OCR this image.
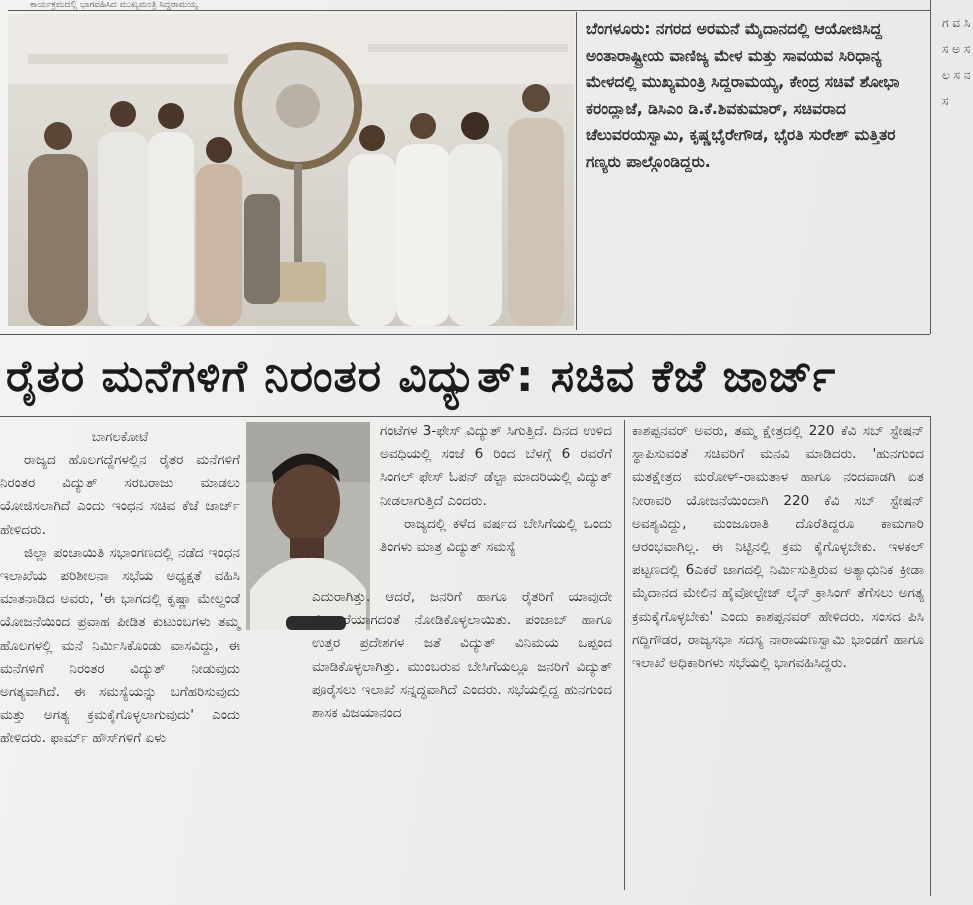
ಕಾರ್ಯಕ್ರಮದಲ್ಲಿ ಭಾಗವಹಿಸಿದ ಮುಖ್ಯಮಂತ್ರಿ ಸಿದ್ದರಾಮಯ್ಯ
ಬೆಂಗಳೂರು: ನಗರದ ಅರಮನೆ ಮೈದಾನದಲ್ಲಿ ಆಯೋಜಿಸಿದ್ದ ಅಂತಾರಾಷ್ಟ್ರೀಯ ವಾಣಿಜ್ಯ ಮೇಳ ಮತ್ತು ಸಾವಯವ ಸಿರಿಧಾನ್ಯ ಮೇಳದಲ್ಲಿ ಮುಖ್ಯಮಂತ್ರಿ ಸಿದ್ದರಾಮಯ್ಯ, ಕೇಂದ್ರ ಸಚಿವೆ ಶೋಭಾ ಕರಂದ್ಲಾಜೆ, ಡಿಸಿಎಂ ಡಿ.ಕೆ.ಶಿವಕುಮಾರ್, ಸಚಿವರಾದ ಚೆಲುವರಯಸ್ವಾಮಿ, ಕೃಷ್ಣಭೈರೇಗೌಡ, ಭೈರತಿ ಸುರೇಶ್ ಮತ್ತಿತರ ಗಣ್ಯರು ಪಾಲ್ಗೊಂಡಿದ್ದರು.
ಗ ವ ಸಿ ಸ ಅ ಸ ಲ ಸ ನ ಸ
ರೈತರ ಮನೆಗಳಿಗೆ ನಿರಂತರ ವಿದ್ಯುತ್: ಸಚಿವ ಕೆಜೆ ಜಾರ್ಜ್
ಬಾಗಲಕೋಟೆ

ರಾಜ್ಯದ ಹೊಲಗದ್ದೆಗಳಲ್ಲಿನ ರೈತರ ಮನೆಗಳಿಗೆ ನಿರಂತರ ವಿದ್ಯುತ್ ಸರಬರಾಜು ಮಾಡಲು ಯೋಜಿಸಲಾಗಿದೆ ಎಂದು ಇಂಧನ ಸಚಿವ ಕೆಜೆ ಜಾರ್ಜ್ ಹೇಳಿದರು.

ಜಿಲ್ಲಾ ಪಂಚಾಯಿತಿ ಸಭಾಂಗಣದಲ್ಲಿ ನಡೆದ ಇಂಧನ ಇಲಾಖೆಯ ಪರಿಶೀಲನಾ ಸಭೆಯ ಅಧ್ಯಕ್ಷತೆ ವಹಿಸಿ ಮಾತನಾಡಿದ ಅವರು, 'ಈ ಭಾಗದಲ್ಲಿ ಕೃಷ್ಣಾ ಮೇಲ್ದಂಡೆ ಯೋಜನೆಯಿಂದ ಪ್ರವಾಹ ಪೀಡಿತ ಕುಟುಂಬಗಳು ತಮ್ಮ ಹೊಲಗಳಲ್ಲಿ ಮನೆ ನಿರ್ಮಿಸಿಕೊಂಡು ವಾಸವಿದ್ದು, ಈ ಮನೆಗಳಿಗೆ ನಿರಂತರ ವಿದ್ಯುತ್ ನೀಡುವುದು ಅಗತ್ಯವಾಗಿದೆ. ಈ ಸಮಸ್ಯೆಯನ್ನು ಬಗೆಹರಿಸುವುದು ಮತ್ತು ಅಗತ್ಯ ಕ್ರಮಕೈಗೊಳ್ಳಲಾಗುವುದು' ಎಂದು ಹೇಳಿದರು. ಫಾರ್ಮ್ ಹೌಸ್‌ಗಳಿಗೆ ಏಳು

ಗಂಟೆಗಳ 3-ಫೇಸ್ ವಿದ್ಯುತ್ ಸಿಗುತ್ತಿದೆ. ದಿನದ ಉಳಿದ ಅವಧಿಯಲ್ಲಿ ಸಂಜೆ 6 ರಿಂದ ಬೆಳಗ್ಗೆ 6 ರವರೆಗೆ ಸಿಂಗಲ್ ಫೇಸ್ ಓಪನ್ ಡೆಲ್ಟಾ ಮಾದರಿಯಲ್ಲಿ ವಿದ್ಯುತ್ ನೀಡಲಾಗುತ್ತಿದೆ ಎಂದರು.

ರಾಜ್ಯದಲ್ಲಿ ಕಳೆದ ವರ್ಷದ ಬೇಸಿಗೆಯಲ್ಲಿ ಒಂದು ತಿಂಗಳು ಮಾತ್ರ ವಿದ್ಯುತ್ ಸಮಸ್ಯೆ

ಎದುರಾಗಿತ್ತು. ಆದರೆ, ಜನರಿಗೆ ಹಾಗೂ ರೈತರಿಗೆ ಯಾವುದೇ ತೊಂದರೆಯಾಗದಂತೆ ನೋಡಿಕೊಳ್ಳಲಾಯಿತು. ಪಂಜಾಬ್ ಹಾಗೂ ಉತ್ತರ ಪ್ರದೇಶಗಳ ಜತೆ ವಿದ್ಯುತ್ ವಿನಿಮಯ ಒಪ್ಪಂದ ಮಾಡಿಕೊಳ್ಳಲಾಗಿತ್ತು. ಮುಂಬರುವ ಬೇಸಿಗೆಯಲ್ಲೂ ಜನರಿಗೆ ವಿದ್ಯುತ್ ಪೂರೈಸಲು ಇಲಾಖೆ ಸನ್ನದ್ಧವಾಗಿದೆ ಎಂದರು. ಸಭೆಯಲ್ಲಿದ್ದ ಹುನಗುಂದ ಶಾಸಕ ವಿಜಯಾನಂದ

ಕಾಶಪ್ಪನವರ್ ಅವರು, ತಮ್ಮ ಕ್ಷೇತ್ರದಲ್ಲಿ 220 ಕೆವಿ ಸಬ್ ಸ್ಟೇಷನ್ ಸ್ಥಾಪಿಸುವಂತೆ ಸಚಿವರಿಗೆ ಮನವಿ ಮಾಡಿದರು. 'ಹುನಗುಂದ ಮತಕ್ಷೇತ್ರದ ಮರೋಳ್-ರಾಮತಾಳ ಹಾಗೂ ನಂದವಾಡಗಿ ಏತ ನೀರಾವರಿ ಯೋಜನೆಯಿಂದಾಗಿ 220 ಕೆವಿ ಸಬ್ ಸ್ಟೇಷನ್ ಅವಶ್ಯವಿದ್ದು, ಮಂಜೂರಾತಿ ದೊರೆತಿದ್ದರೂ ಕಾಮಗಾರಿ ಆರಂಭವಾಗಿಲ್ಲ. ಈ ನಿಟ್ಟಿನಲ್ಲಿ ಕ್ರಮ ಕೈಗೊಳ್ಳಬೇಕು. ಇಳಕಲ್ ಪಟ್ಟಣದಲ್ಲಿ 6ಎಕರೆ ಜಾಗದಲ್ಲಿ ನಿರ್ಮಿಸುತ್ತಿರುವ ಅತ್ಯಾಧುನಿಕ ಕ್ರೀಡಾ ಮೈದಾನದ ಮೇಲಿನ ಹೈವೋಲ್ಟೇಜ್ ಲೈನ್ ಕ್ರಾಸಿಂಗ್ ತೆಗೆಸಲು ಅಗತ್ಯ ಕ್ರಮಕೈಗೊಳ್ಳಬೇಕು' ಎಂದು ಕಾಶಪ್ಪನವರ್ ಹೇಳಿದರು. ಸಂಸದ ಪಿಸಿ ಗದ್ದಿಗೌಡರ, ರಾಜ್ಯಸಭಾ ಸದಸ್ಯ ನಾರಾಯಣಸ್ವಾಮಿ ಭಾಂಡಗೆ ಹಾಗೂ ಇಲಾಖೆ ಅಧಿಕಾರಿಗಳು ಸಭೆಯಲ್ಲಿ ಭಾಗವಹಿಸಿದ್ದರು.
